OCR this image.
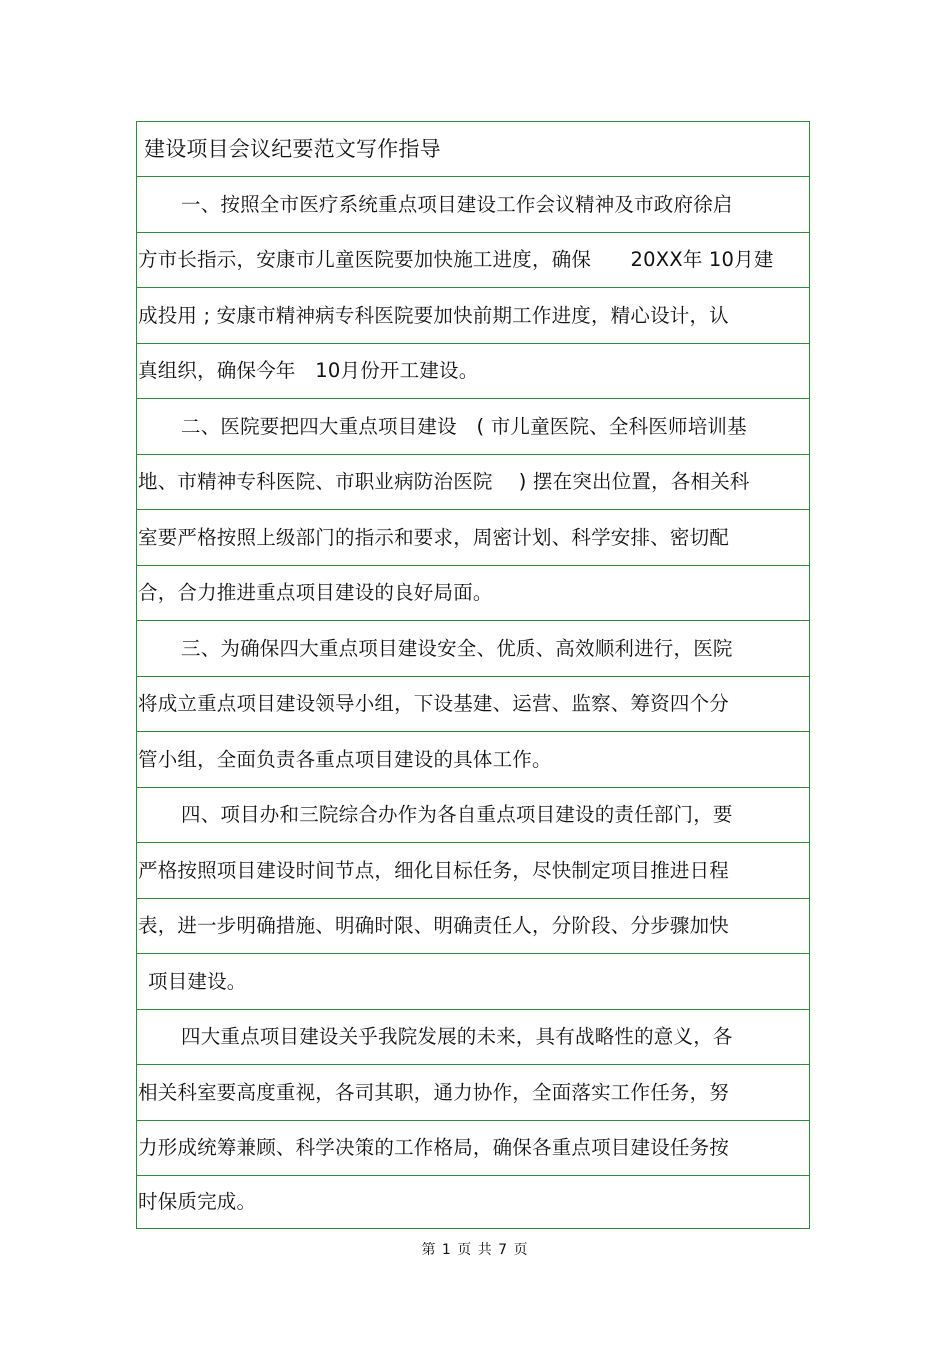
建设项目会议纪要范文写作指导
一、按照全市医疗系统重点项目建设工作会议精神及市政府徐启
方市长指示，安康市儿童医院要加快施工进度，确保　　20XX年 10月建
成投用 ; 安康市精神病专科医院要加快前期工作进度，精心设计，认
真组织，确保今年　10月份开工建设。
二、医院要把四大重点项目建设　( 市儿童医院、全科医师培训基
地、市精神专科医院、市职业病防治医院　 ) 摆在突出位置，各相关科
室要严格按照上级部门的指示和要求，周密计划、科学安排、密切配
合，合力推进重点项目建设的良好局面。
三、为确保四大重点项目建设安全、优质、高效顺利进行，医院
将成立重点项目建设领导小组，下设基建、运营、监察、筹资四个分
管小组，全面负责各重点项目建设的具体工作。
四、项目办和三院综合办作为各自重点项目建设的责任部门，要
严格按照项目建设时间节点，细化目标任务，尽快制定项目推进日程
表，进一步明确措施、明确时限、明确责任人，分阶段、分步骤加快
项目建设。
四大重点项目建设关乎我院发展的未来，具有战略性的意义，各
相关科室要高度重视，各司其职，通力协作，全面落实工作任务，努
力形成统筹兼顾、科学决策的工作格局，确保各重点项目建设任务按
时保质完成。
第 1 页 共 7 页
